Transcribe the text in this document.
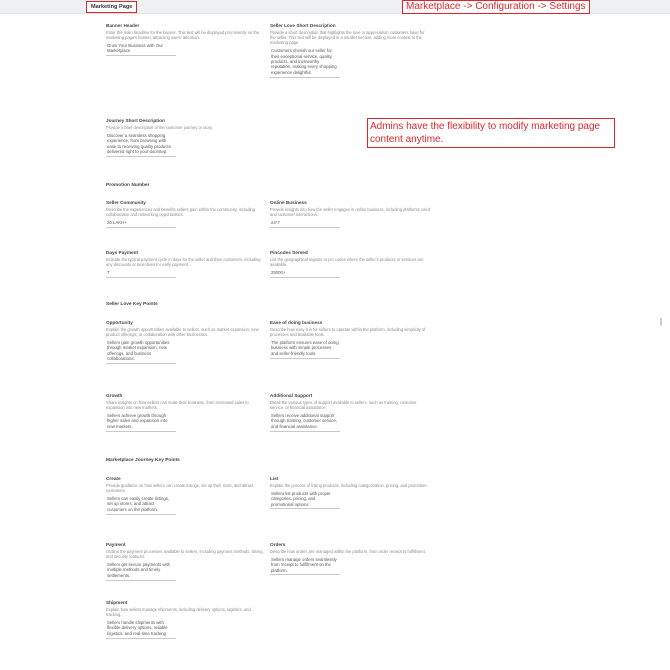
Marketing Page	Marketplace -> Configuration -> Settings
Admins have the flexibility to modify marketing page content anytime.
Banner Header
Enter the main headline for the banner. This text will be displayed prominently on the marketing page's banner, attracting users' attention.
Grow Your Business with Our Marketplace
Seller Love Short Description
Provide a short description that highlights the love or appreciation customers have for the seller. This text will be displayed in a smaller section, adding more context to the marketing page.
Customers cherish our seller for their exceptional service, quality products, and trustworthy reputation, making every shopping experience delightful.
Journey Short Description
Provide a brief description of the customer journey or story.
Discover a seamless shopping experience, from browsing with ease to receiving quality products delivered right to your doorstep.
Promotion Number
Seller Community
Describe the experiences and benefits sellers gain within the community, including collaboration and networking opportunities.
20 LAKH+
Online Business
Provide insights into how the seller engages in online business, including platforms used and customer interactions.
24*7
Days Payment
Indicate the typical payment cycle in days for the seller and their customers, including any discounts or incentives for early payment.
7
Pincodes Served
List the geographical regions or pin codes where the seller's products or services are available.
25000+
Seller Love Key Points
Opportunity
Explain the growth opportunities available to sellers, such as market expansion, new product offerings, or collaboration with other businesses.
Sellers gain growth opportunities through market expansion, new offerings, and business collaborations.
Ease of doing business
Describe how easy it is for sellers to operate within the platform, including simplicity of processes and available tools.
The platform ensures ease of doing business with simple processes and seller-friendly tools.
Growth
Share insights on how sellers can scale their business, from increased sales to expansion into new markets.
Sellers achieve growth through higher sales and expansion into new markets.
Additional Support
Detail the various types of support available to sellers, such as training, customer service, or financial assistance.
Sellers receive additional support through training, customer service, and financial assistance.
Marketplace Journey Key Points
Create
Provide guidance on how sellers can create listings, set up their store, and attract customers.
Sellers can easily create listings, set up stores, and attract customers on the platform.
List
Explain the process of listing products, including categorization, pricing, and promotion.
Sellers list products with proper categories, pricing, and promotional options.
Payment
Outline the payment processes available to sellers, including payment methods, timing, and security features.
Sellers get secure payments with multiple methods and timely settlements.
Orders
Describe how orders are managed within the platform, from order receipt to fulfillment.
Sellers manage orders seamlessly from receipt to fulfillment on the platform.
Shipment
Explain how sellers manage shipments, including delivery options, logistics, and tracking.
Sellers handle shipments with flexible delivery options, reliable logistics, and real-time tracking.
